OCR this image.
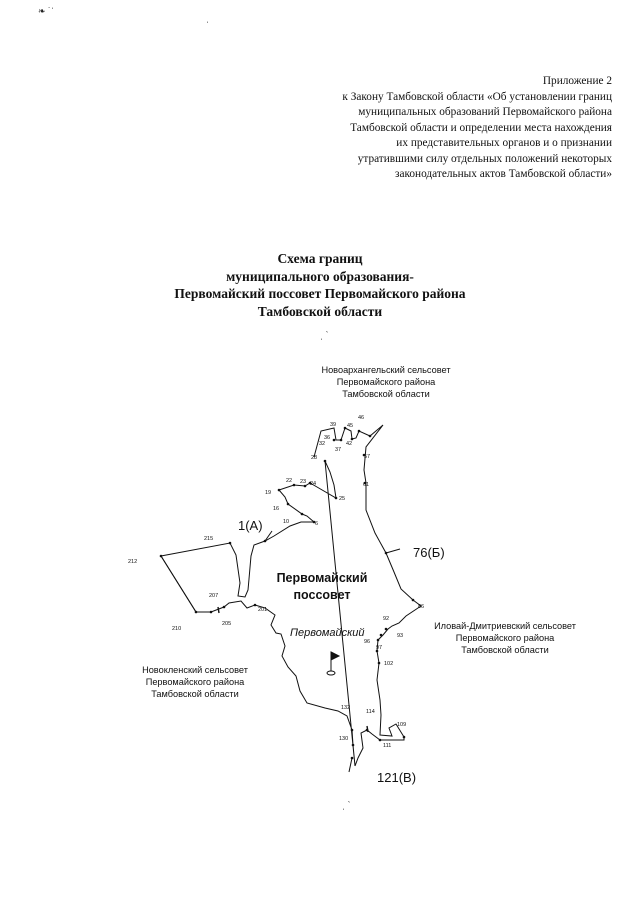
❧ ˙ˈ
ˈ
Приложение 2
к Закону Тамбовской области «Об установлении границ
муниципальных образований Первомайского района
Тамбовской области и определении места нахождения
их представительных органов и о признании
утратившими силу отдельных положений некоторых
законодательных актов Тамбовской области»
Схема границ
муниципального образования-
Первомайский поссовет Первомайского района
Тамбовской области
ˌ ˋ
ˌ ˋ
Новоархангельский сельсовет
Первомайского района
Тамбовской области
Иловай-Дмитриевский сельсовет
Первомайского района
Тамбовской области
Новокленский сельсовет
Первомайского района
Тамбовской области
6
10
16
19
22 23 24
25
28
32
36
37
39
42
45
46
57
61
86
92
93
96
97
102
109
111
114
130
132
201
205
207
210
212
215
1(А)
76(Б)
121(В)
Первомайский
поссовет
Первомайский
